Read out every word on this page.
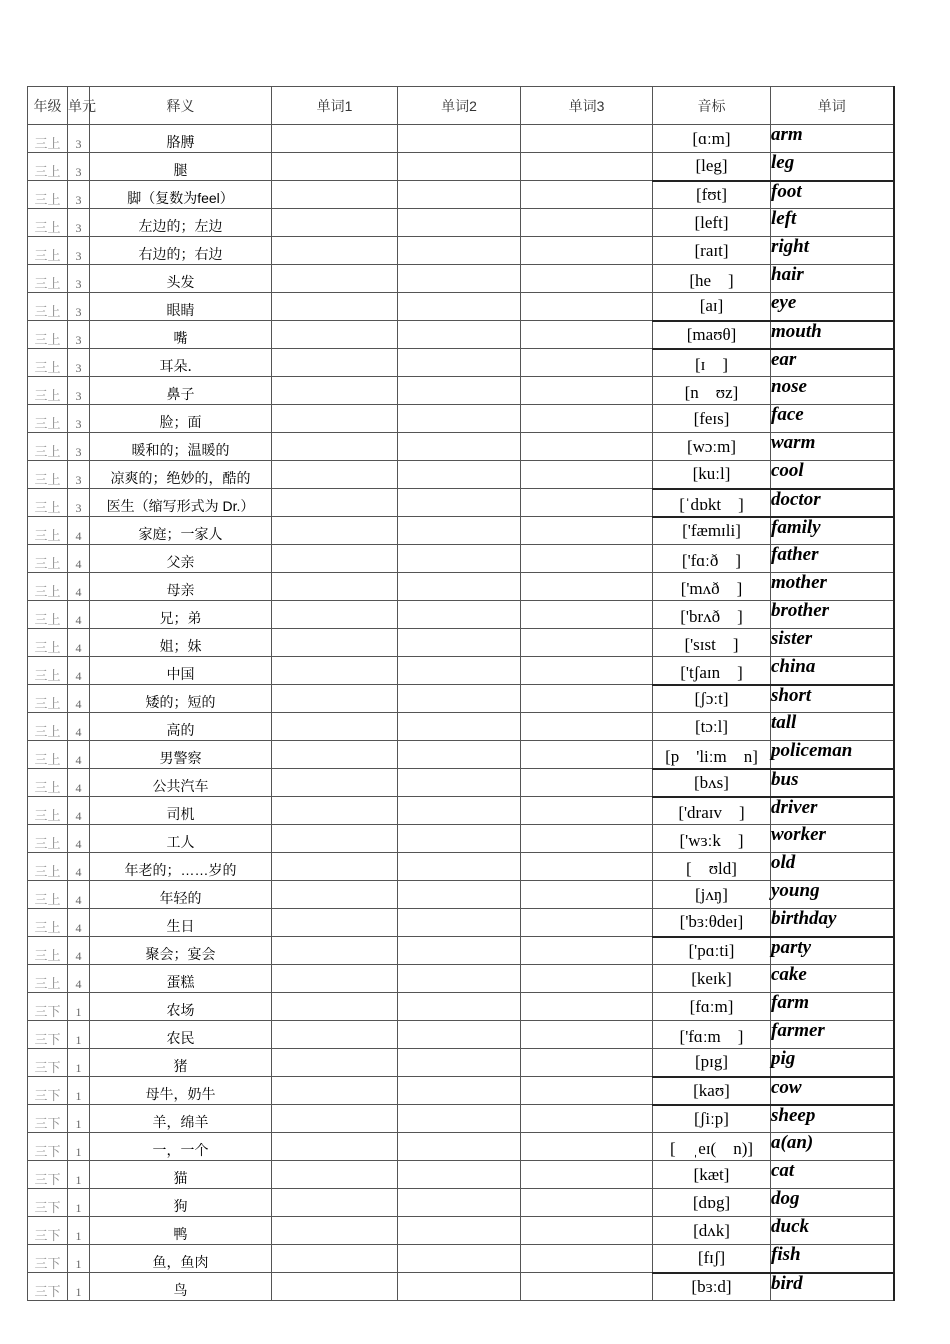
年级	单元	释义	单词1	单词2	单词3	音标	单词
三上	3	胳膊				[ɑːm]	arm
三上	3	腿				[leg]	leg
三上	3	脚（复数为feel）				[fʊt]	foot
三上	3	左边的；左边				[left]	left
三上	3	右边的；右边				[raɪt]	right
三上	3	头发				[he　]	hair
三上	3	眼睛				[aɪ]	eye
三上	3	嘴				[maʊθ]	mouth
三上	3	耳朵．				[ɪ　]	ear
三上	3	鼻子				[n　ʊz]	nose
三上	3	脸；面				[feɪs]	face
三上	3	暖和的；温暖的				[wɔːm]	warm
三上	3	凉爽的；绝妙的，酷的				[kuːl]	cool
三上	3	医生（缩写形式为 Dr.）				[ˈdɒkt　]	doctor
三上	4	家庭；一家人				['fæmɪli]	family
三上	4	父亲				['fɑːð　]	father
三上	4	母亲				['mʌð　]	mother
三上	4	兄；弟				['brʌð　]	brother
三上	4	姐；妹				['sɪst　]	sister
三上	4	中国				['tʃaɪn　]	china
三上	4	矮的；短的				[ʃɔːt]	short
三上	4	高的				[tɔːl]	tall
三上	4	男警察				[p　'liːm　n]	policeman
三上	4	公共汽车				[bʌs]	bus
三上	4	司机				['draɪv　]	driver
三上	4	工人				['wɜːk　]	worker
三上	4	年老的；……岁的				[　ʊld]	old
三上	4	年轻的				[jʌŋ]	young
三上	4	生日				['bɜːθdeɪ]	birthday
三上	4	聚会；宴会				['pɑːti]	party
三上	4	蛋糕				[keɪk]	cake
三下	1	农场				[fɑːm]	farm
三下	1	农民				['fɑːm　]	farmer
三下	1	猪				[pɪg]	pig
三下	1	母牛，奶牛				[kaʊ]	cow
三下	1	羊，绵羊				[ʃiːp]	sheep
三下	1	一，一个				[　ˌeɪ(　n)]	a(an)
三下	1	猫				[kæt]	cat
三下	1	狗				[dɒg]	dog
三下	1	鸭				[dʌk]	duck
三下	1	鱼，鱼肉				[fɪʃ]	fish
三下	1	鸟				[bɜːd]	bird
